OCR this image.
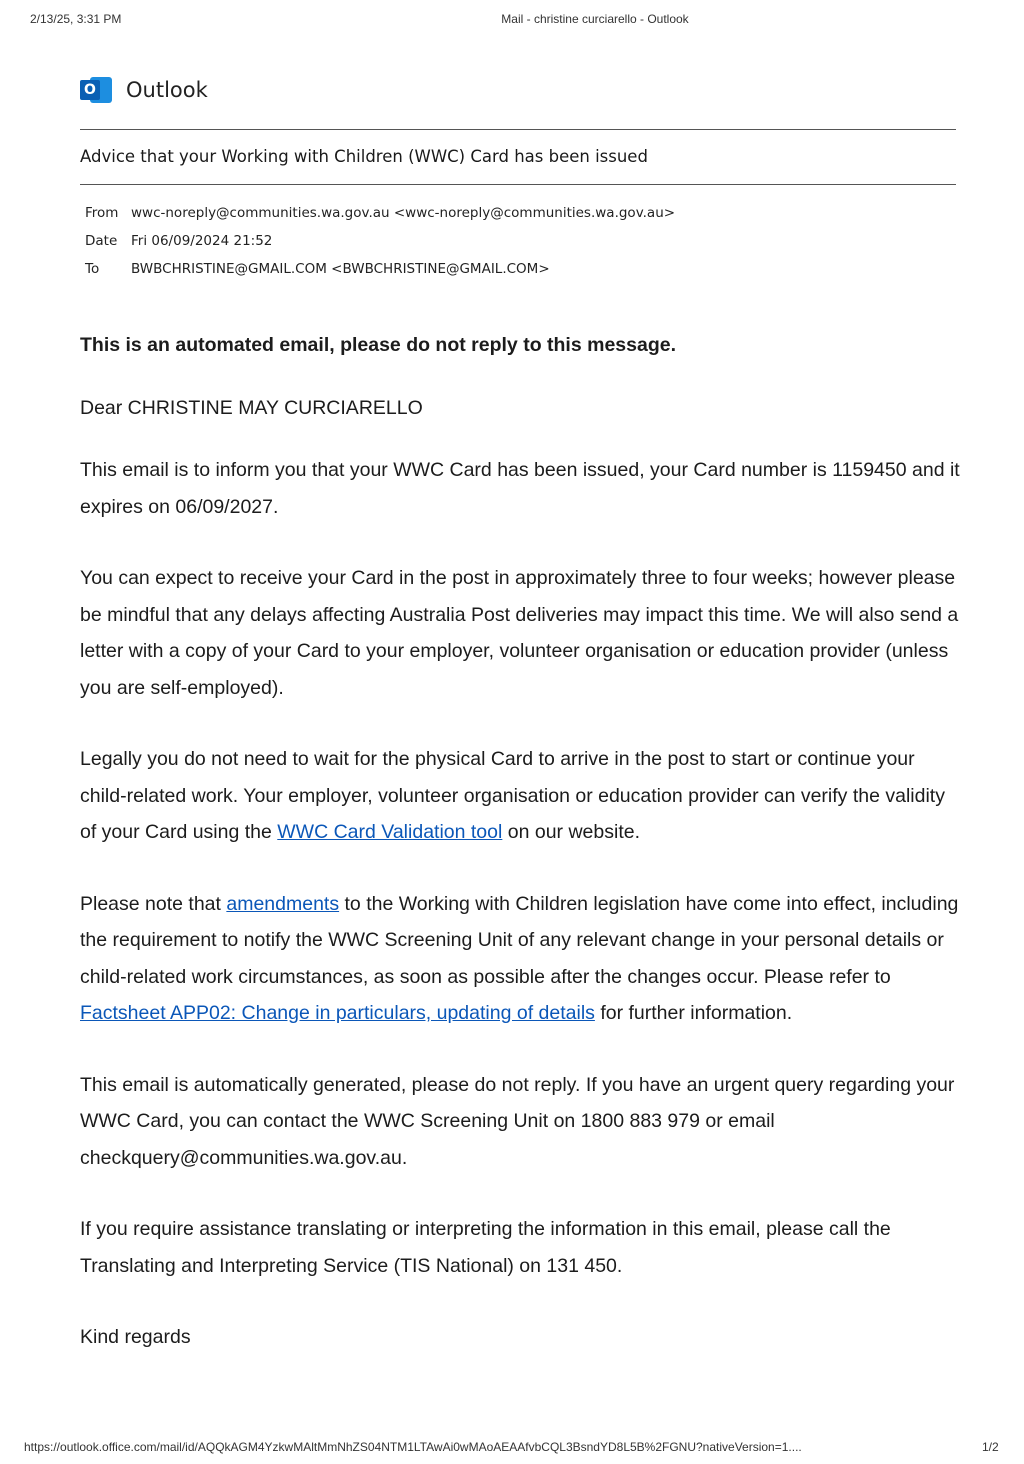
2/13/25, 3:31 PM	Mail - christine curciarello - Outlook
O Outlook
Advice that your Working with Children (WWC) Card has been issued
From wwc-noreply@communities.wa.gov.au <wwc-noreply@communities.wa.gov.au>
Date Fri 06/09/2024 21:52
To BWBCHRISTINE@GMAIL.COM <BWBCHRISTINE@GMAIL.COM>

This is an automated email, please do not reply to this message.

Dear CHRISTINE MAY CURCIARELLO

This email is to inform you that your WWC Card has been issued, your Card number is 1159450 and it expires on 06/09/2027.

You can expect to receive your Card in the post in approximately three to four weeks; however please be mindful that any delays affecting Australia Post deliveries may impact this time. We will also send a letter with a copy of your Card to your employer, volunteer organisation or education provider (unless you are self-employed).

Legally you do not need to wait for the physical Card to arrive in the post to start or continue your child-related work. Your employer, volunteer organisation or education provider can verify the validity of your Card using the WWC Card Validation tool on our website.

Please note that amendments to the Working with Children legislation have come into effect, including the requirement to notify the WWC Screening Unit of any relevant change in your personal details or child-related work circumstances, as soon as possible after the changes occur. Please refer to Factsheet APP02: Change in particulars, updating of details for further information.

This email is automatically generated, please do not reply. If you have an urgent query regarding your WWC Card, you can contact the WWC Screening Unit on 1800 883 979 or email checkquery@communities.wa.gov.au.

If you require assistance translating or interpreting the information in this email, please call the Translating and Interpreting Service (TIS National) on 131 450.

Kind regards

https://outlook.office.com/mail/id/AQQkAGM4YzkwMAltMmNhZS04NTM1LTAwAi0wMAoAEAAfvbCQL3BsndYD8L5B%2FGNU?nativeVersion=1....	1/2
